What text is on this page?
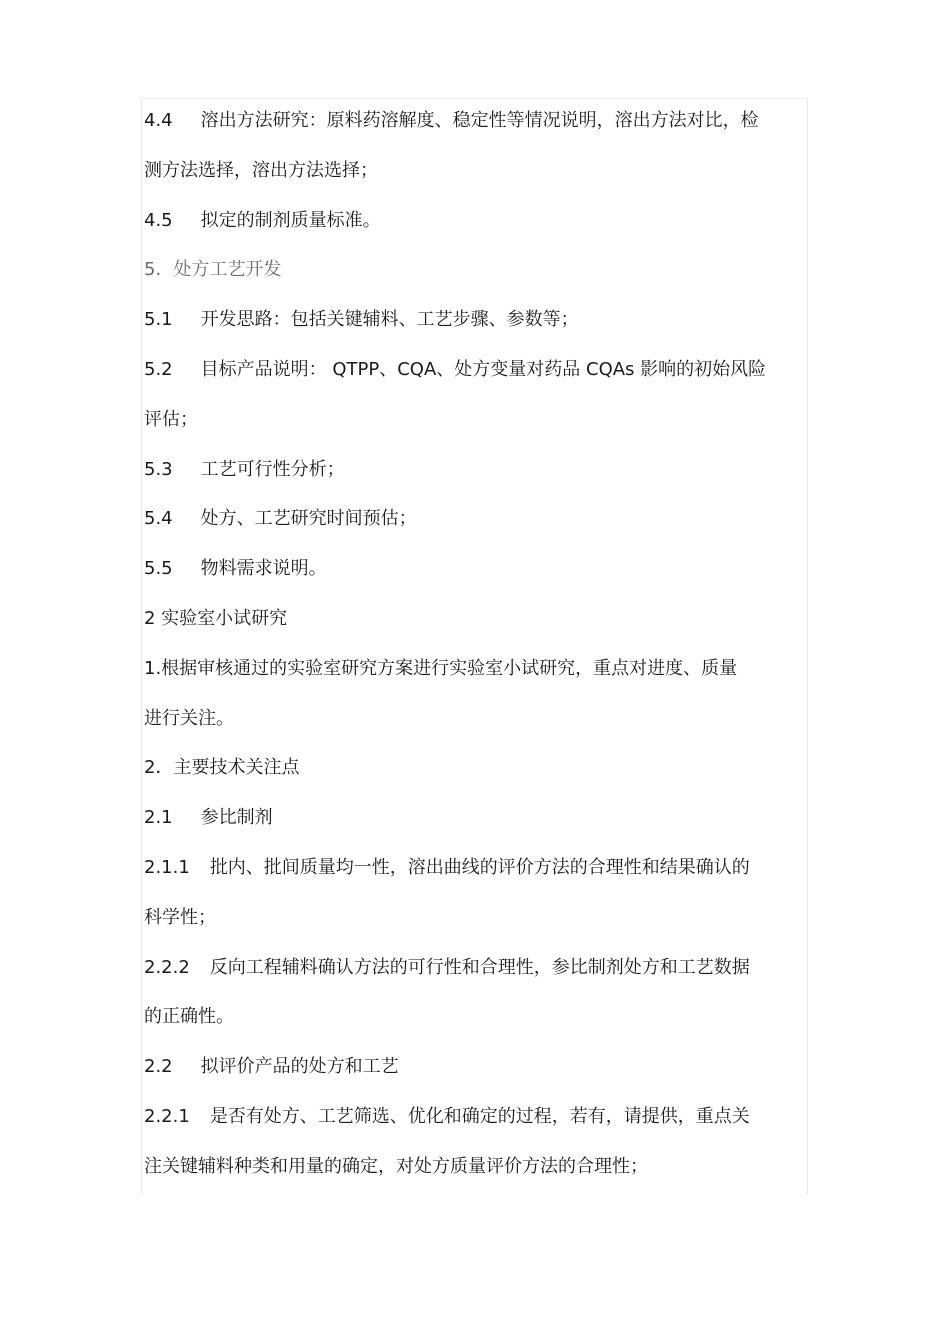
4.4 溶出方法研究：原料药溶解度、稳定性等情况说明，溶出方法对比，检
测方法选择，溶出方法选择；
4.5 拟定的制剂质量标准。
5．处方工艺开发
5.1 开发思路：包括关键辅料、工艺步骤、参数等；
5.2 目标产品说明： QTPP、CQA、处方变量对药品 CQAs 影响的初始风险
评估；
5.3 工艺可行性分析；
5.4 处方、工艺研究时间预估；
5.5 物料需求说明。
2 实验室小试研究
1.根据审核通过的实验室研究方案进行实验室小试研究，重点对进度、质量
进行关注。
2．主要技术关注点
2.1 参比制剂
2.1.1 批内、批间质量均一性，溶出曲线的评价方法的合理性和结果确认的
科学性；
2.2.2 反向工程辅料确认方法的可行性和合理性，参比制剂处方和工艺数据
的正确性。
2.2 拟评价产品的处方和工艺
2.2.1 是否有处方、工艺筛选、优化和确定的过程，若有，请提供，重点关
注关键辅料种类和用量的确定，对处方质量评价方法的合理性；
